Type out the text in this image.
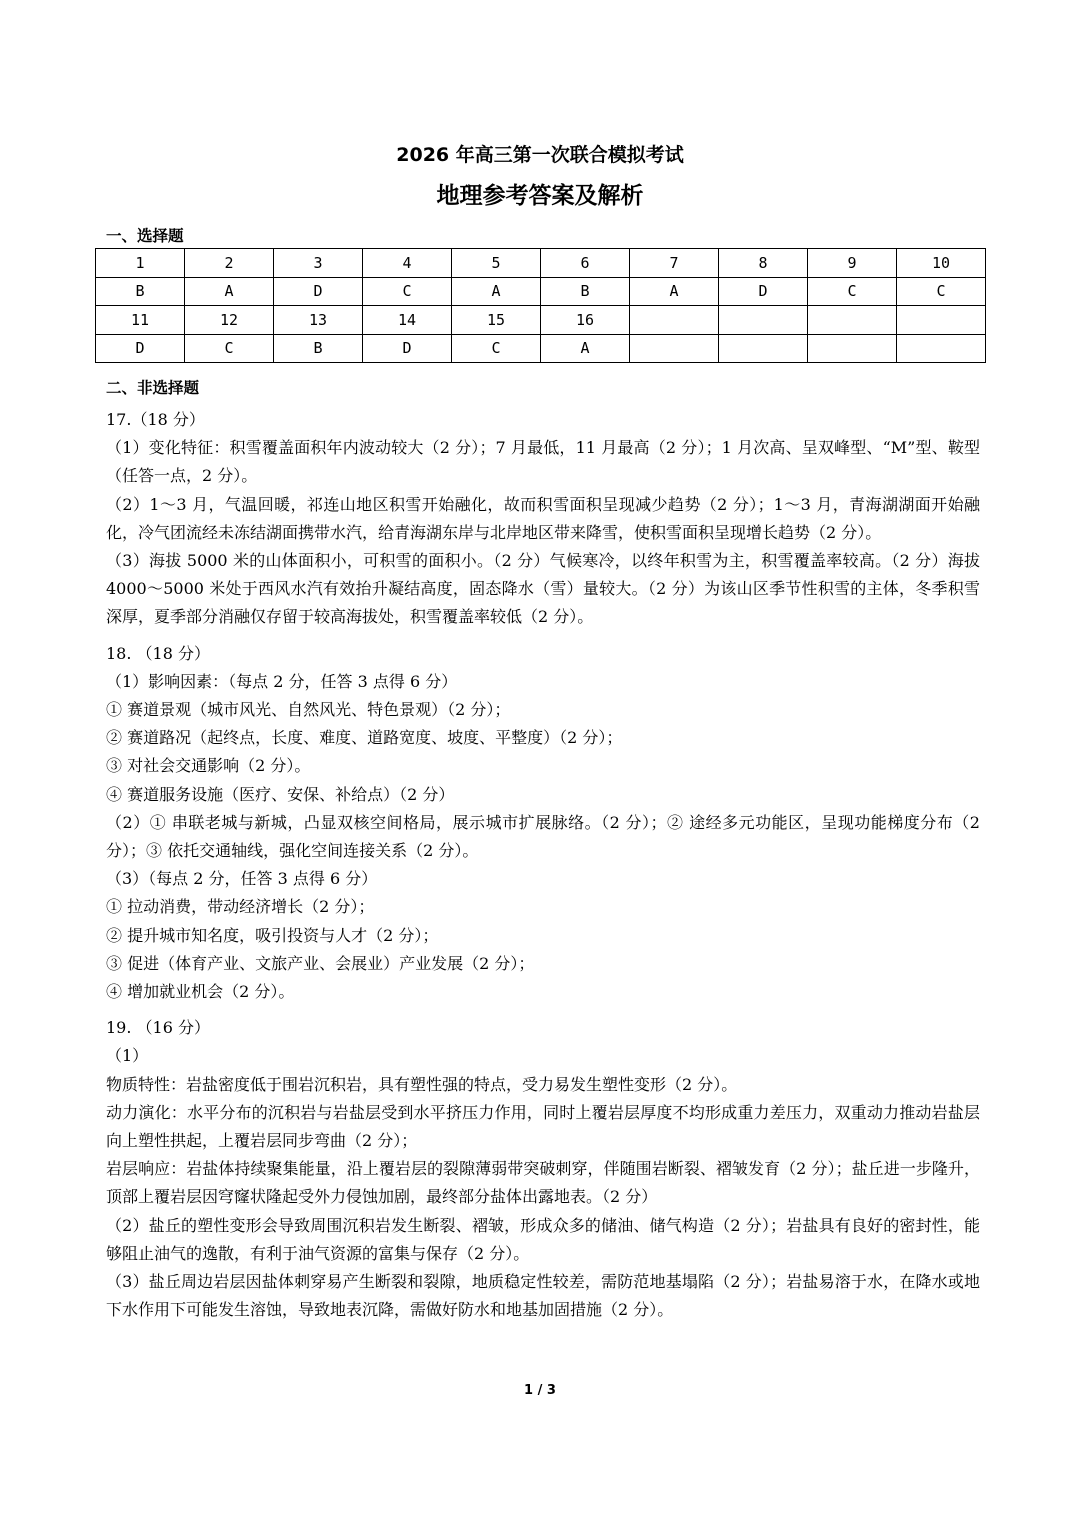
2026 年高三第一次联合模拟考试
地理参考答案及解析
一、选择题
1	2	3	4	5	6	7	8	9	10
B	A	D	C	A	B	A	D	C	C
11	12	13	14	15	16				
D	C	B	D	C	A				
二、非选择题

17.（18 分）

（1）变化特征：积雪覆盖面积年内波动较大（2 分）；7 月最低，11 月最高（2 分）；1 月次高、呈双峰型、“M”型、鞍型（任答一点，2 分）。

（2）1～3 月，气温回暖，祁连山地区积雪开始融化，故而积雪面积呈现减少趋势（2 分）；1～3 月，青海湖湖面开始融化，冷气团流经未冻结湖面携带水汽，给青海湖东岸与北岸地区带来降雪，使积雪面积呈现增长趋势（2 分）。

（3）海拔 5000 米的山体面积小，可积雪的面积小。（2 分）气候寒冷，以终年积雪为主，积雪覆盖率较高。（2 分）海拔 4000～5000 米处于西风水汽有效抬升凝结高度，固态降水（雪）量较大。（2 分）为该山区季节性积雪的主体，冬季积雪深厚，夏季部分消融仅存留于较高海拔处，积雪覆盖率较低（2 分）。

18. （18 分）

（1）影响因素：（每点 2 分，任答 3 点得 6 分）

① 赛道景观（城市风光、自然风光、特色景观）（2 分）；

② 赛道路况（起终点，长度、难度、道路宽度、坡度、平整度）（2 分）；

③ 对社会交通影响（2 分）。

④ 赛道服务设施（医疗、安保、补给点）（2 分）

（2）① 串联老城与新城，凸显双核空间格局，展示城市扩展脉络。（2 分）；② 途经多元功能区，呈现功能梯度分布（2 分）；③ 依托交通轴线，强化空间连接关系（2 分）。

（3）（每点 2 分，任答 3 点得 6 分）

① 拉动消费，带动经济增长（2 分）；

② 提升城市知名度，吸引投资与人才（2 分）；

③ 促进（体育产业、文旅产业、会展业）产业发展（2 分）；

④ 增加就业机会（2 分）。

19. （16 分）

（1）

物质特性：岩盐密度低于围岩沉积岩，具有塑性强的特点，受力易发生塑性变形（2 分）。

动力演化：水平分布的沉积岩与岩盐层受到水平挤压力作用，同时上覆岩层厚度不均形成重力差压力，双重动力推动岩盐层向上塑性拱起，上覆岩层同步弯曲（2 分）；

岩层响应：岩盐体持续聚集能量，沿上覆岩层的裂隙薄弱带突破刺穿，伴随围岩断裂、褶皱发育（2 分）；盐丘进一步隆升，顶部上覆岩层因穹窿状隆起受外力侵蚀加剧，最终部分盐体出露地表。（2 分）

（2）盐丘的塑性变形会导致周围沉积岩发生断裂、褶皱，形成众多的储油、储气构造（2 分）；岩盐具有良好的密封性，能够阻止油气的逸散，有利于油气资源的富集与保存（2 分）。

（3）盐丘周边岩层因盐体刺穿易产生断裂和裂隙，地质稳定性较差，需防范地基塌陷（2 分）；岩盐易溶于水，在降水或地下水作用下可能发生溶蚀，导致地表沉降，需做好防水和地基加固措施（2 分）。

1 / 3
